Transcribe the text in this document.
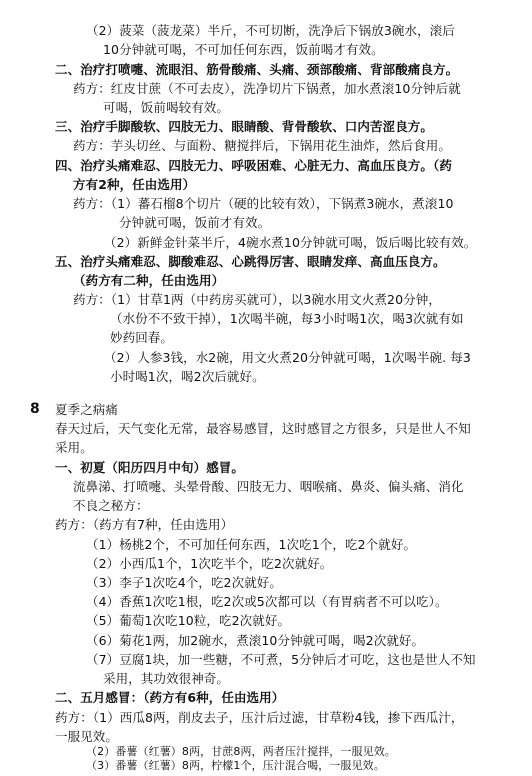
（2）菠菜（菠龙菜）半斤，不可切断，洗净后下锅放3碗水，滚后
10分钟就可喝，不可加任何东西，饭前喝才有效。
二、治疗打喷嚏、流眼泪、筋骨酸痛、头痛、颈部酸痛、背部酸痛良方。
药方：红皮甘蔗（不可去皮），洗净切片下锅煮，加水煮滚10分钟后就
可喝，饭前喝较有效。
三、治疗手脚酸软、四肢无力、眼睛酸、背骨酸软、口内苦涩良方。
药方：芋头切丝、与面粉、糖搅拌后，下锅用花生油炸，然后食用。
四、治疗头痛难忍、四肢无力、呼吸困难、心脏无力、高血压良方。（药
方有2种，任由选用）
药方：（1）蕃石榴8个切片（硬的比较有效），下锅煮3碗水，煮滚10
分钟就可喝，饭前才有效。
（2）新鲜金针菜半斤，4碗水煮10分钟就可喝，饭后喝比较有效。
五、治疗头痛难忍、脚酸难忍、心跳得厉害、眼睛发痒、高血压良方。
（药方有二种，任由选用）
药方：（1）甘草1两（中药房买就可），以3碗水用文火煮20分钟，
（水份不不致干掉），1次喝半碗，每3小时喝1次，喝3次就有如
妙药回春。
（2）人参3钱，水2碗，用文火煮20分钟就可喝，1次喝半碗. 每3
小时喝1次，喝2次后就好。
8 夏季之病痛
春天过后，天气变化无常，最容易感冒，这时感冒之方很多，只是世人不知
采用。
一、初夏（阳历四月中旬）感冒。
流鼻涕、打喷嚏、头晕骨酸、四肢无力、咽喉痛、鼻炎、偏头痛、消化
不良之秘方：
药方：（药方有7种，任由选用）
（1）杨桃2个，不可加任何东西，1次吃1个，吃2个就好。
（2）小西瓜1个，1次吃半个，吃2次就好。
（3）李子1次吃4个，吃2次就好。
（4）香蕉1次吃1根，吃2次或5次都可以（有胃病者不可以吃）。
（5）葡萄1次吃10粒，吃2次就好。
（6）菊花1两，加2碗水，煮滚10分钟就可喝，喝2次就好。
（7）豆腐1块，加一些糖，不可煮，5分钟后才可吃，这也是世人不知
采用，其功效很神奇。
二、五月感冒：（药方有6种，任由选用）
药方：（1）西瓜8两，削皮去子，压汁后过滤，甘草粉4钱，掺下西瓜汁，
一服见效。
（2）番薯（红薯）8两，甘蔗8两，两者压汁搅拌，一服见效。
（3）番薯（红薯）8两，柠檬1个，压汁混合喝，一服见效。
